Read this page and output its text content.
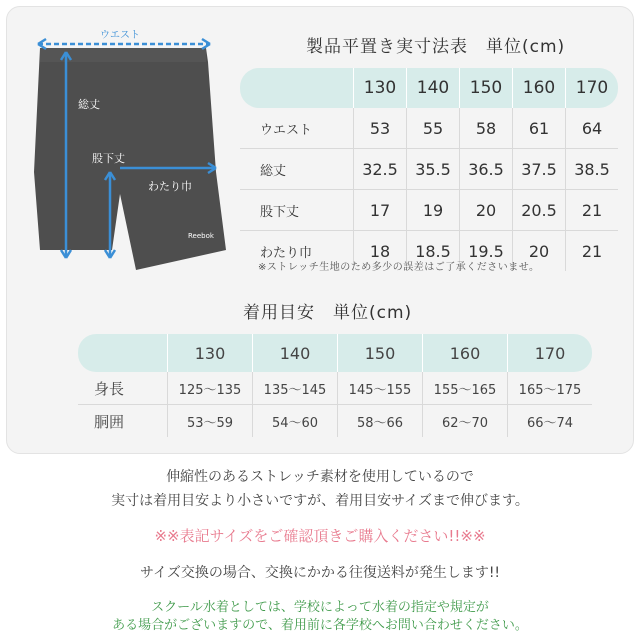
ウエスト
総丈
股下丈
わたり巾
Reebok
製品平置き実寸法表　単位(cm)
	130	140	150	160	170
ウエスト	53	55	58	61	64
総丈	32.5	35.5	36.5	37.5	38.5
股下丈	17	19	20	20.5	21
わたり巾	18	18.5	19.5	20	21
※ストレッチ生地のため多少の誤差はご了承くださいませ。
着用目安　単位(cm)
	130	140	150	160	170
身長	125〜135	135〜145	145〜155	155〜165	165〜175
胴囲	53〜59	54〜60	58〜66	62〜70	66〜74
伸縮性のあるストレッチ素材を使用しているので
実寸は着用目安より小さいですが、着用目安サイズまで伸びます。
※※表記サイズをご確認頂きご購入ください!!※※
サイズ交換の場合、交換にかかる往復送料が発生します!!
スクール水着としては、学校によって水着の指定や規定が
ある場合がございますので、着用前に各学校へお問い合わせください。
